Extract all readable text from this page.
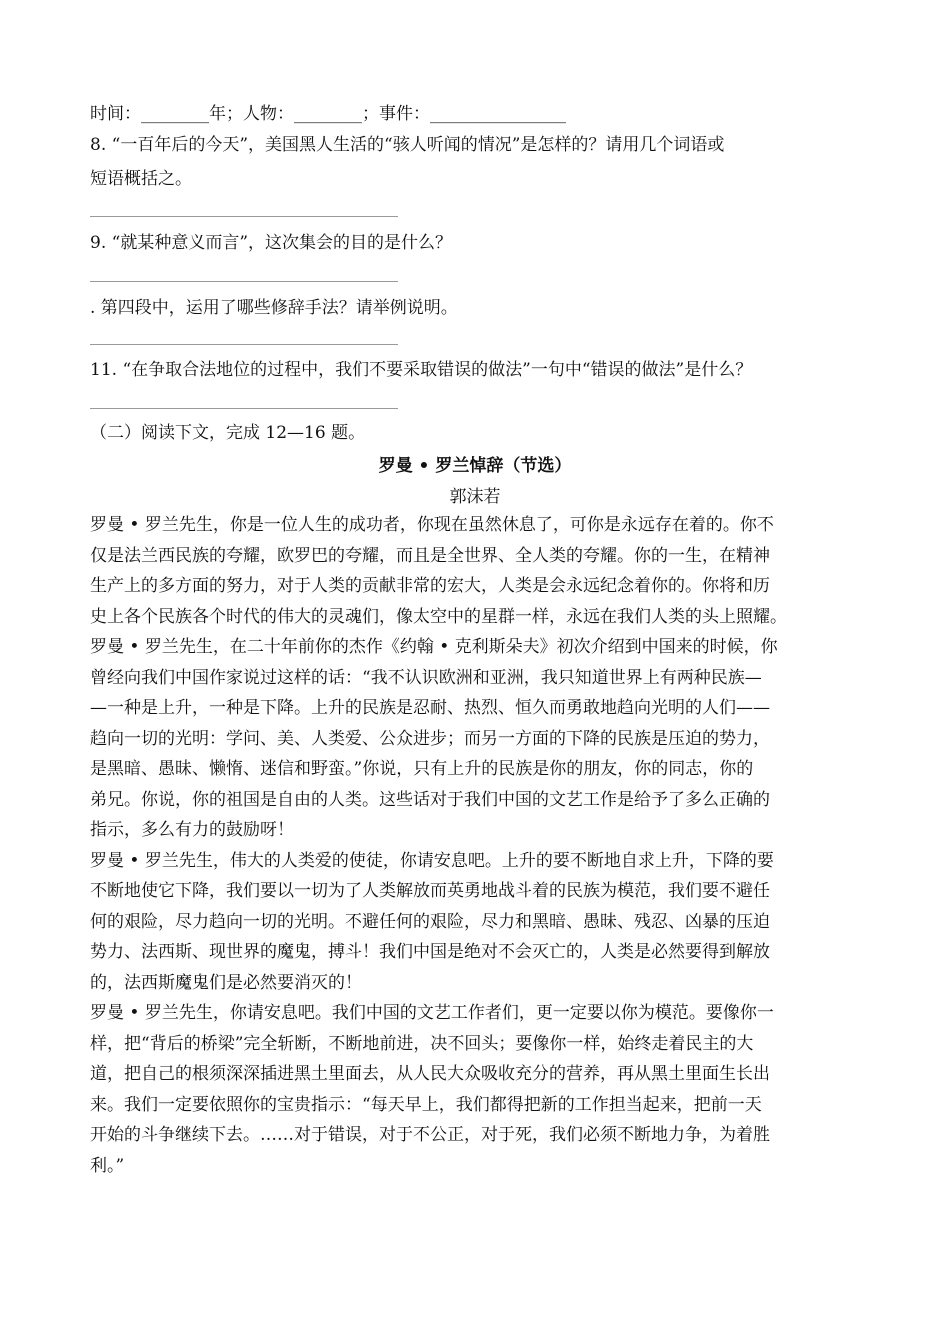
时间：________年；人物：________；事件：________________
8. “一百年后的今天”，美国黑人生活的“骇人听闻的情况”是怎样的？请用几个词语或
短语概括之。
9. “就某种意义而言”，这次集会的目的是什么？
. 第四段中，运用了哪些修辞手法？请举例说明。
11. “在争取合法地位的过程中，我们不要采取错误的做法”一句中“错误的做法”是什么？
（二）阅读下文，完成 12—16 题。
罗曼 • 罗兰悼辞（节选）
郭沫若
罗曼 • 罗兰先生，你是一位人生的成功者，你现在虽然休息了，可你是永远存在着的。你不
仅是法兰西民族的夸耀，欧罗巴的夸耀，而且是全世界、全人类的夸耀。你的一生，在精神
生产上的多方面的努力，对于人类的贡献非常的宏大，人类是会永远纪念着你的。你将和历
史上各个民族各个时代的伟大的灵魂们，像太空中的星群一样，永远在我们人类的头上照耀。
罗曼 • 罗兰先生，在二十年前你的杰作《约翰 • 克利斯朵夫》初次介绍到中国来的时候，你
曾经向我们中国作家说过这样的话：“我不认识欧洲和亚洲，我只知道世界上有两种民族—
—一种是上升，一种是下降。上升的民族是忍耐、热烈、恒久而勇敢地趋向光明的人们——
趋向一切的光明：学问、美、人类爱、公众进步；而另一方面的下降的民族是压迫的势力，
是黑暗、愚昧、懒惰、迷信和野蛮。”你说，只有上升的民族是你的朋友，你的同志，你的
弟兄。你说，你的祖国是自由的人类。这些话对于我们中国的文艺工作是给予了多么正确的
指示，多么有力的鼓励呀！
罗曼 • 罗兰先生，伟大的人类爱的使徒，你请安息吧。上升的要不断地自求上升，下降的要
不断地使它下降，我们要以一切为了人类解放而英勇地战斗着的民族为模范，我们要不避任
何的艰险，尽力趋向一切的光明。不避任何的艰险，尽力和黑暗、愚昧、残忍、凶暴的压迫
势力、法西斯、现世界的魔鬼，搏斗！我们中国是绝对不会灭亡的，人类是必然要得到解放
的，法西斯魔鬼们是必然要消灭的！
罗曼 • 罗兰先生，你请安息吧。我们中国的文艺工作者们，更一定要以你为模范。要像你一
样，把“背后的桥梁”完全斩断，不断地前进，决不回头；要像你一样，始终走着民主的大
道，把自己的根须深深插进黑土里面去，从人民大众吸收充分的营养，再从黑土里面生长出
来。我们一定要依照你的宝贵指示：“每天早上，我们都得把新的工作担当起来，把前一天
开始的斗争继续下去。……对于错误，对于不公正，对于死，我们必须不断地力争，为着胜
利。”
